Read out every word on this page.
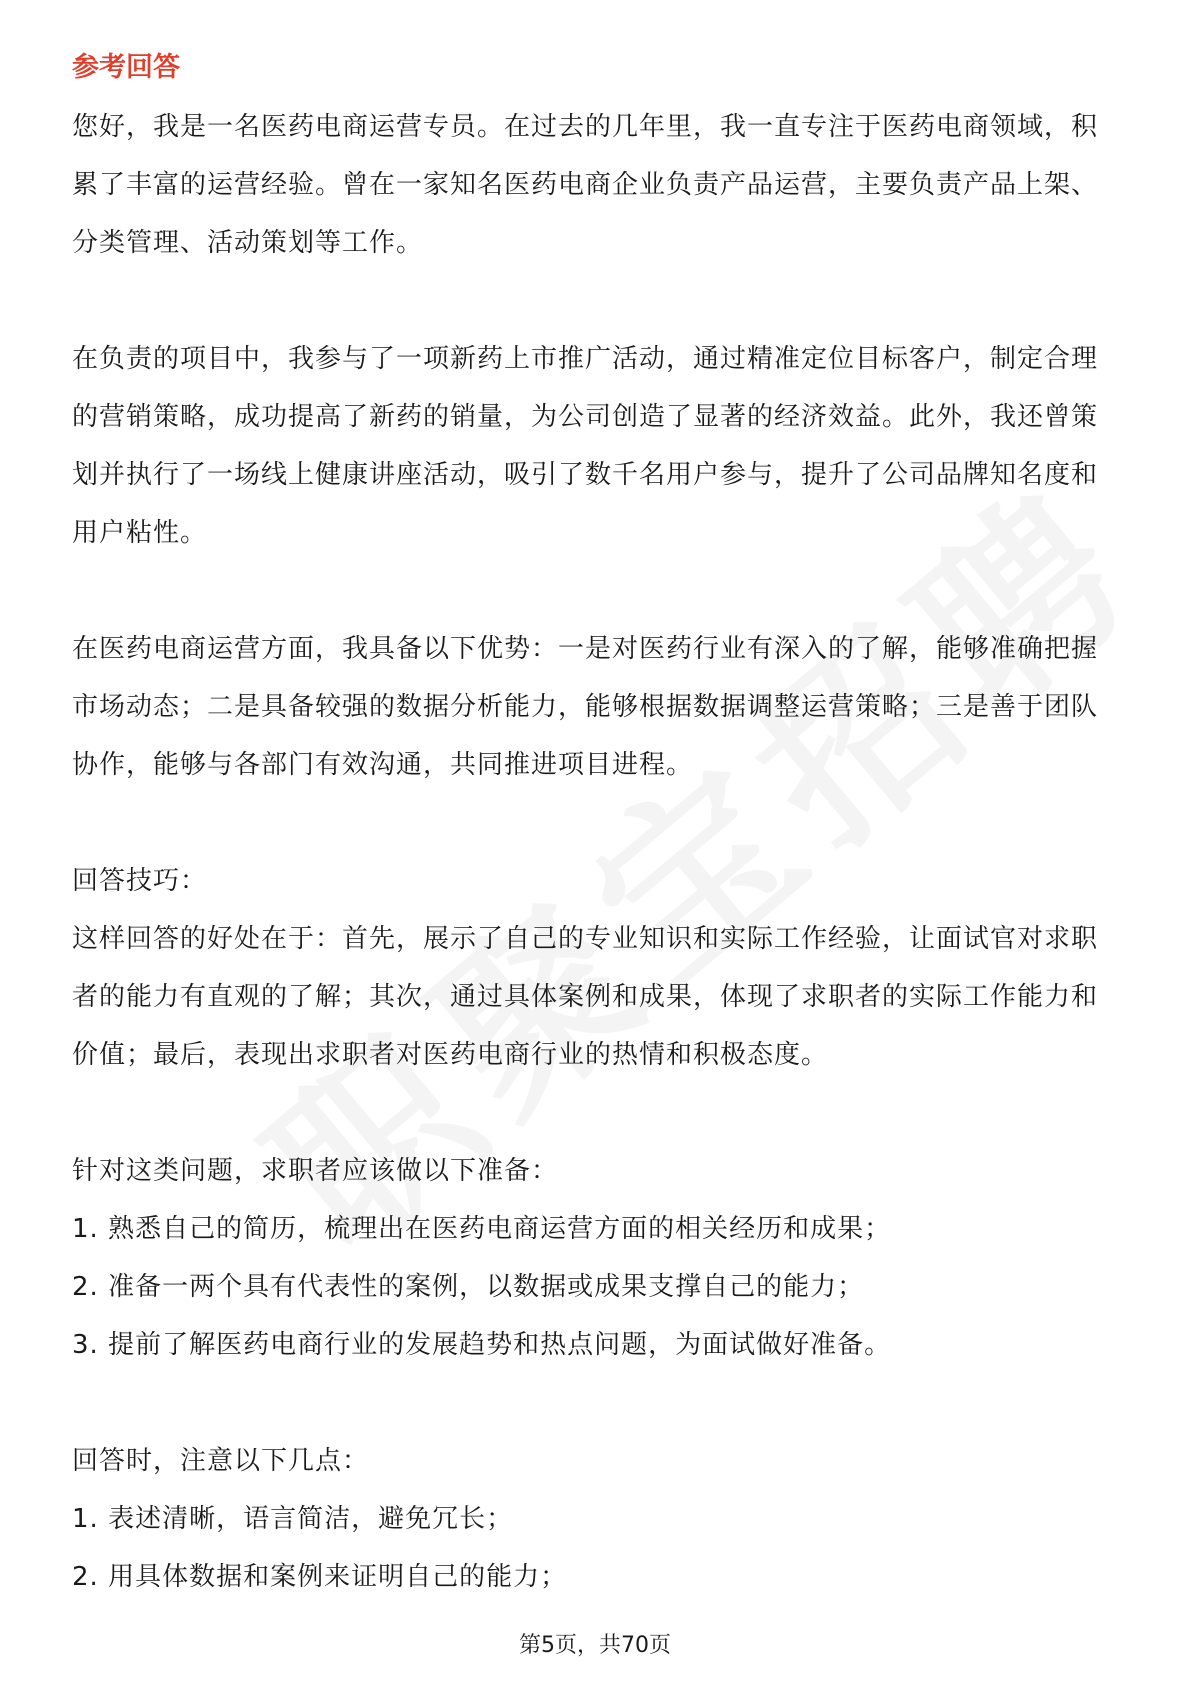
参考回答

您好，我是一名医药电商运营专员。在过去的几年里，我一直专注于医药电商领域，积累了丰富的运营经验。曾在一家知名医药电商企业负责产品运营，主要负责产品上架、分类管理、活动策划等工作。

在负责的项目中，我参与了一项新药上市推广活动，通过精准定位目标客户，制定合理的营销策略，成功提高了新药的销量，为公司创造了显著的经济效益。此外，我还曾策划并执行了一场线上健康讲座活动，吸引了数千名用户参与，提升了公司品牌知名度和用户粘性。

在医药电商运营方面，我具备以下优势：一是对医药行业有深入的了解，能够准确把握市场动态；二是具备较强的数据分析能力，能够根据数据调整运营策略；三是善于团队协作，能够与各部门有效沟通，共同推进项目进程。

回答技巧：

这样回答的好处在于：首先，展示了自己的专业知识和实际工作经验，让面试官对求职者的能力有直观的了解；其次，通过具体案例和成果，体现了求职者的实际工作能力和价值；最后，表现出求职者对医药电商行业的热情和积极态度。

针对这类问题，求职者应该做以下准备：

1. 熟悉自己的简历，梳理出在医药电商运营方面的相关经历和成果；

2. 准备一两个具有代表性的案例，以数据或成果支撑自己的能力；

3. 提前了解医药电商行业的发展趋势和热点问题，为面试做好准备。

回答时，注意以下几点：

1. 表述清晰，语言简洁，避免冗长；

2. 用具体数据和案例来证明自己的能力；

第5页，共70页
